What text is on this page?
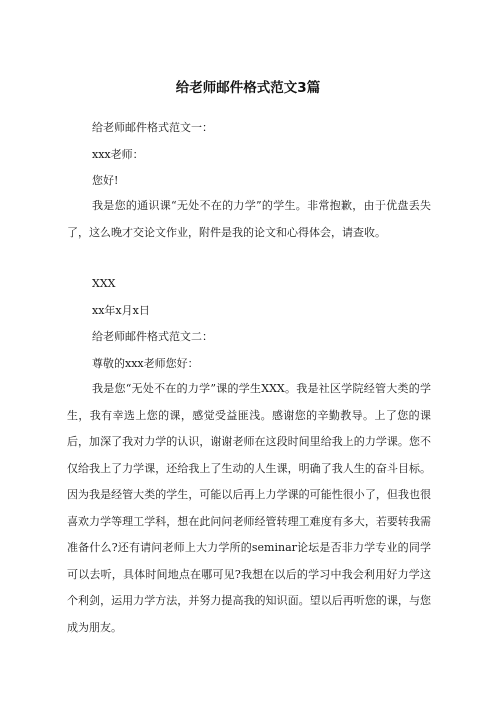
给老师邮件格式范文3篇

给老师邮件格式范文一：

xxx老师：

您好!

我是您的通识课“无处不在的力学”的学生。非常抱歉，由于优盘丢失了，这么晚才交论文作业，附件是我的论文和心得体会，请查收。

XXX

xx年x月x日

给老师邮件格式范文二：

尊敬的xxx老师您好：

我是您“无处不在的力学”课的学生XXX。我是社区学院经管大类的学生，我有幸选上您的课，感觉受益匪浅。感谢您的辛勤教导。上了您的课后，加深了我对力学的认识，谢谢老师在这段时间里给我上的力学课。您不仅给我上了力学课，还给我上了生动的人生课，明确了我人生的奋斗目标。因为我是经管大类的学生，可能以后再上力学课的可能性很小了，但我也很喜欢力学等理工学科，想在此问问老师经管转理工难度有多大，若要转我需准备什么?还有请问老师上大力学所的seminar论坛是否非力学专业的同学可以去听，具体时间地点在哪可见?我想在以后的学习中我会利用好力学这个利剑，运用力学方法，并努力提高我的知识面。望以后再听您的课，与您成为朋友。
